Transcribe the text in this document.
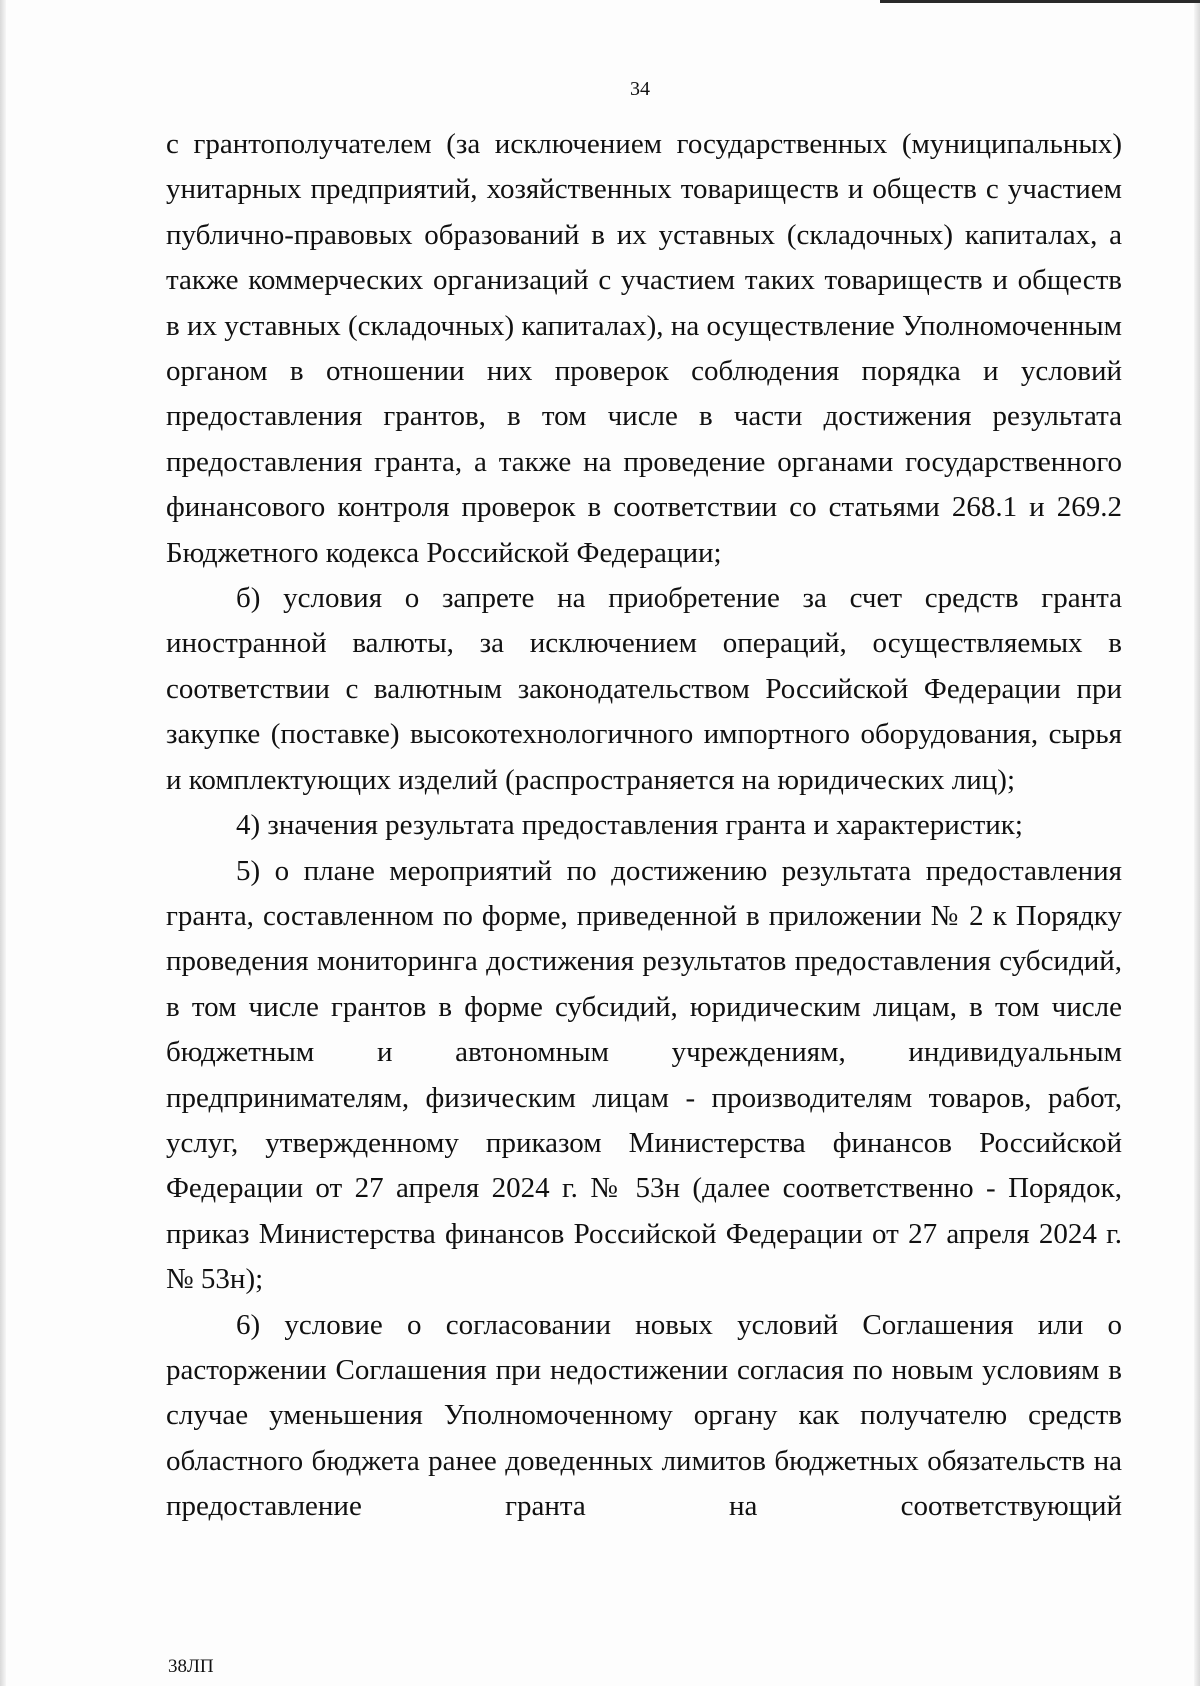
34

с грантополучателем (за исключением государственных (муниципальных) унитарных предприятий, хозяйственных товариществ и обществ с участием публично-правовых образований в их уставных (складочных) капиталах, а также коммерческих организаций с участием таких товариществ и обществ в их уставных (складочных) капиталах), на осуществление Уполномоченным органом в отношении них проверок соблюдения порядка и условий предоставления грантов, в том числе в части достижения результата предоставления гранта, а также на проведение органами государственного финансового контроля проверок в соответствии со статьями 268.1 и 269.2 Бюджетного кодекса Российской Федерации;

б) условия о запрете на приобретение за счет средств гранта иностранной валюты, за исключением операций, осуществляемых в соответствии с валютным законодательством Российской Федерации при закупке (поставке) высокотехнологичного импортного оборудования, сырья и комплектующих изделий (распространяется на юридических лиц);

4) значения результата предоставления гранта и характеристик;

5) о плане мероприятий по достижению результата предоставления гранта, составленном по форме, приведенной в приложении № 2 к Порядку проведения мониторинга достижения результатов предоставления субсидий, в том числе грантов в форме субсидий, юридическим лицам, в том числе бюджетным и автономным учреждениям, индивидуальным предпринимателям, физическим лицам - производителям товаров, работ, услуг, утвержденному приказом Министерства финансов Российской Федерации от 27 апреля 2024 г. № 53н (далее соответственно - Порядок, приказ Министерства финансов Российской Федерации от 27 апреля 2024 г. № 53н);

6) условие о согласовании новых условий Соглашения или о расторжении Соглашения при недостижении согласия по новым условиям в случае уменьшения Уполномоченному органу как получателю средств областного бюджета ранее доведенных лимитов бюджетных обязательств на предоставление гранта на соответствующий

38ЛП
